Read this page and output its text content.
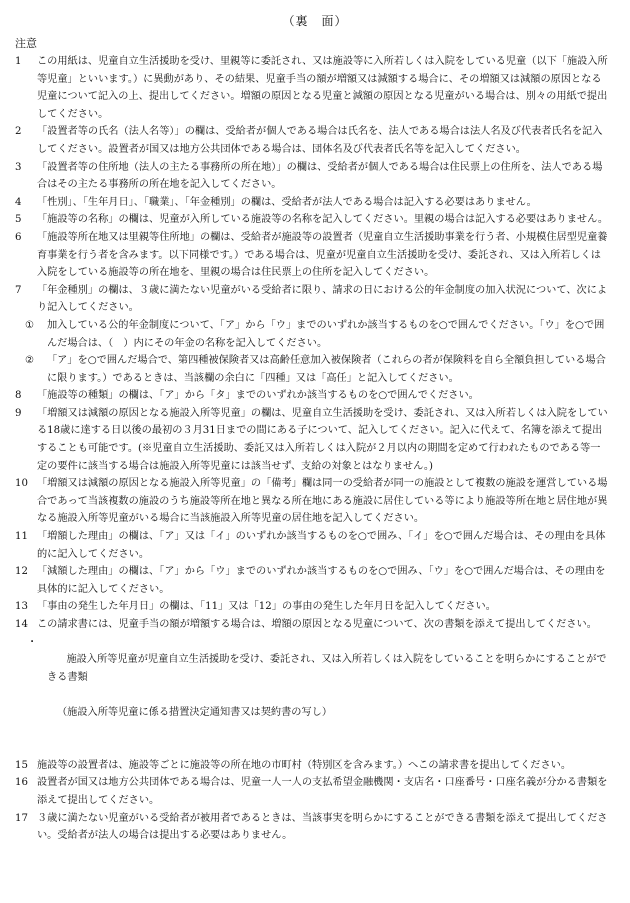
（裏　面）
注意
1	この用紙は、児童自立生活援助を受け、里親等に委託され、又は施設等に入所若しくは入院をしている児童（以下「施設入所等児童」といいます。）に異動があり、その結果、児童手当の額が増額又は減額する場合に、その増額又は減額の原因となる児童について記入の上、提出してください。増額の原因となる児童と減額の原因となる児童がいる場合は、別々の用紙で提出してください。
2	「設置者等の氏名（法人名等）」の欄は、受給者が個人である場合は氏名を、法人である場合は法人名及び代表者氏名を記入してください。設置者が国又は地方公共団体である場合は、団体名及び代表者氏名等を記入してください。
3	「設置者等の住所地（法人の主たる事務所の所在地）」の欄は、受給者が個人である場合は住民票上の住所を、法人である場合はその主たる事務所の所在地を記入してください。
4	「性別」、「生年月日」、「職業」、「年金種別」の欄は、受給者が法人である場合は記入する必要はありません。
5	「施設等の名称」の欄は、児童が入所している施設等の名称を記入してください。里親の場合は記入する必要はありません。
6	「施設等所在地又は里親等住所地」の欄は、受給者が施設等の設置者（児童自立生活援助事業を行う者、小規模住居型児童養育事業を行う者を含みます。以下同様です。）である場合は、児童が児童自立生活援助を受け、委託され、又は入所若しくは入院をしている施設等の所在地を、里親の場合は住民票上の住所を記入してください。
7	「年金種別」の欄は、３歳に満たない児童がいる受給者に限り、請求の日における公的年金制度の加入状況について、次により記入してください。
①	加入している公的年金制度について、「ア」から「ウ」までのいずれか該当するものを○で囲んでください。「ウ」を○で囲んだ場合は、（　）内にその年金の名称を記入してください。
②	「ア」を○で囲んだ場合で、第四種被保険者又は高齢任意加入被保険者（これらの者が保険料を自ら全額負担している場合に限ります。）であるときは、当該欄の余白に「四種」又は「高任」と記入してください。
8	「施設等の種類」の欄は、「ア」から「タ」までのいずれか該当するものを○で囲んでください。
9	「増額又は減額の原因となる施設入所等児童」の欄は、児童自立生活援助を受け、委託され、又は入所若しくは入院をしている18歳に達する日以後の最初の３月31日までの間にある子について、記入してください。記入に代えて、名簿を添えて提出することも可能です。(※児童自立生活援助、委託又は入所若しくは入院が２月以内の期間を定めて行われたものである等一定の要件に該当する場合は施設入所等児童には該当せず、支給の対象とはなりません。)
10 「増額又は減額の原因となる施設入所等児童」の「備考」欄は同一の受給者が同一の施設として複数の施設を運営している場合であって当該複数の施設のうち施設等所在地と異なる所在地にある施設に居住している等により施設等所在地と居住地が異なる施設入所等児童がいる場合に当該施設入所等児童の居住地を記入してください。
11 「増額した理由」の欄は、「ア」又は「イ」のいずれか該当するものを○で囲み、「イ」を○で囲んだ場合は、その理由を具体的に記入してください。
12 「減額した理由」の欄は、「ア」から「ウ」までのいずれか該当するものを○で囲み、「ウ」を○で囲んだ場合は、その理由を具体的に記入してください。
13 「事由の発生した年月日」の欄は、「11」又は「12」の事由の発生した年月日を記入してください。
14 この請求書には、児童手当の額が増額する場合は、増額の原因となる児童について、次の書類を添えて提出してください。
・

施設入所等児童が児童自立生活援助を受け、委託され、又は入所若しくは入院をしていることを明らかにすることができる書類

（施設入所等児童に係る措置決定通知書又は契約書の写し）

15 施設等の設置者は、施設等ごとに施設等の所在地の市町村（特別区を含みます。）へこの請求書を提出してください。
16 設置者が国又は地方公共団体である場合は、児童一人一人の支払希望金融機関・支店名・口座番号・口座名義が分かる書類を添えて提出してください。
17 ３歳に満たない児童がいる受給者が被用者であるときは、当該事実を明らかにすることができる書類を添えて提出してください。受給者が法人の場合は提出する必要はありません。
